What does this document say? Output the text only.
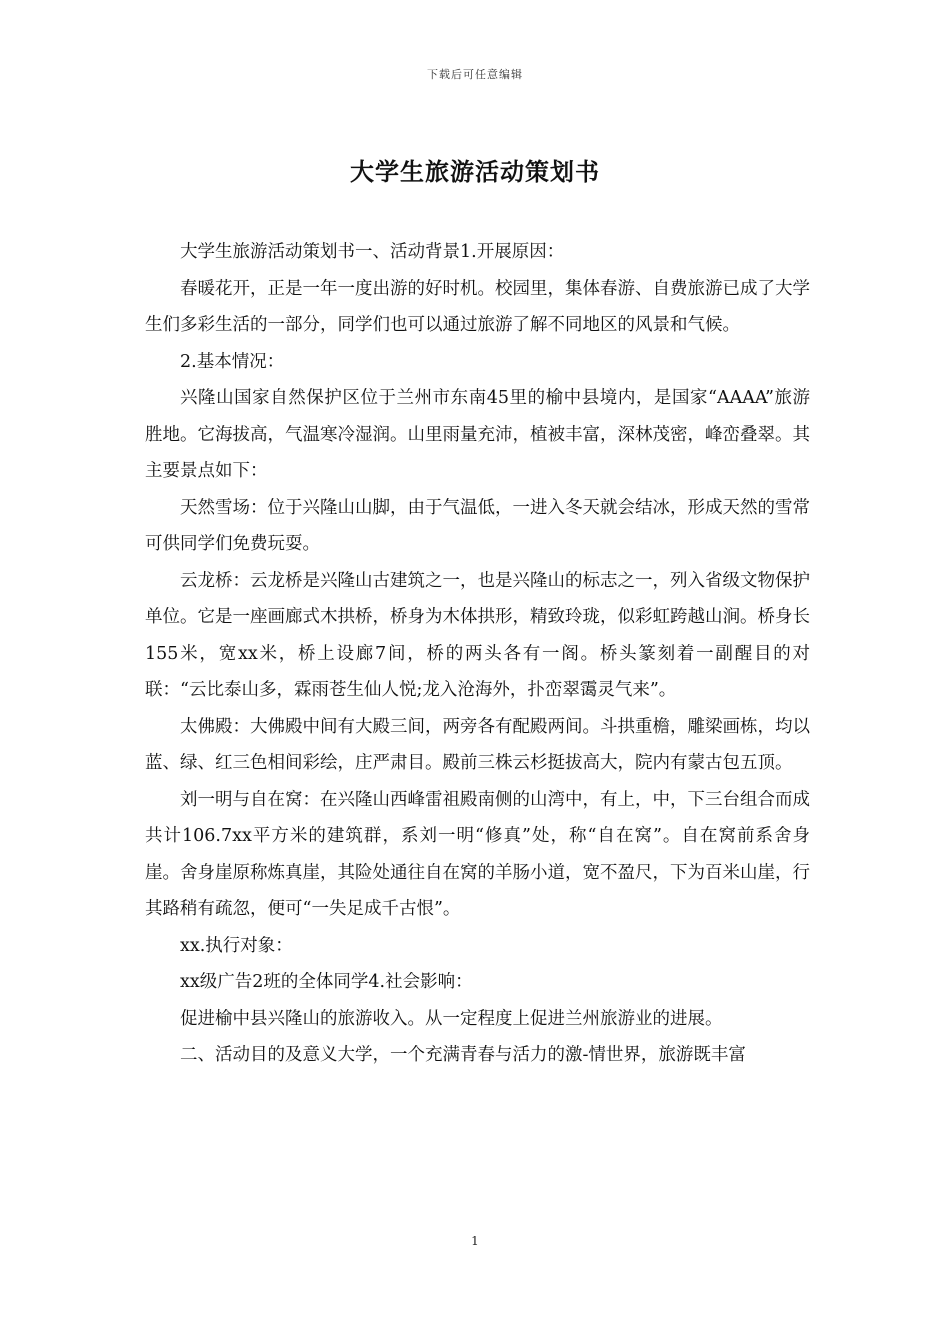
下载后可任意编辑
大学生旅游活动策划书

大学生旅游活动策划书一、活动背景1.开展原因：

春暖花开，正是一年一度出游的好时机。校园里，集体春游、自费旅游已成了大学生们多彩生活的一部分，同学们也可以通过旅游了解不同地区的风景和气候。

2.基本情况：

兴隆山国家自然保护区位于兰州市东南45里的榆中县境内，是国家“AAAA”旅游胜地。它海拔高，气温寒冷湿润。山里雨量充沛，植被丰富，深林茂密，峰峦叠翠。其主要景点如下：

天然雪场：位于兴隆山山脚，由于气温低，一进入冬天就会结冰，形成天然的雪常可供同学们免费玩耍。

云龙桥：云龙桥是兴隆山古建筑之一，也是兴隆山的标志之一，列入省级文物保护单位。它是一座画廊式木拱桥，桥身为木体拱形，精致玲珑，似彩虹跨越山涧。桥身长155米，宽xx米，桥上设廊7间，桥的两头各有一阁。桥头篆刻着一副醒目的对联：“云比泰山多，霖雨苍生仙人悦;龙入沧海外，扑峦翠霭灵气来”。

太佛殿：大佛殿中间有大殿三间，两旁各有配殿两间。斗拱重檐，雕梁画栋，均以蓝、绿、红三色相间彩绘，庄严肃目。殿前三株云杉挺拔高大，院内有蒙古包五顶。

刘一明与自在窝：在兴隆山西峰雷祖殿南侧的山湾中，有上，中，下三台组合而成共计106.7xx平方米的建筑群，系刘一明“修真”处，称“自在窝”。自在窝前系舍身崖。舍身崖原称炼真崖，其险处通往自在窝的羊肠小道，宽不盈尺，下为百米山崖，行其路稍有疏忽，便可“一失足成千古恨”。

xx.执行对象：

xx级广告2班的全体同学4.社会影响：

促进榆中县兴隆山的旅游收入。从一定程度上促进兰州旅游业的进展。

二、活动目的及意义大学，一个充满青春与活力的激-情世界，旅游既丰富

1
